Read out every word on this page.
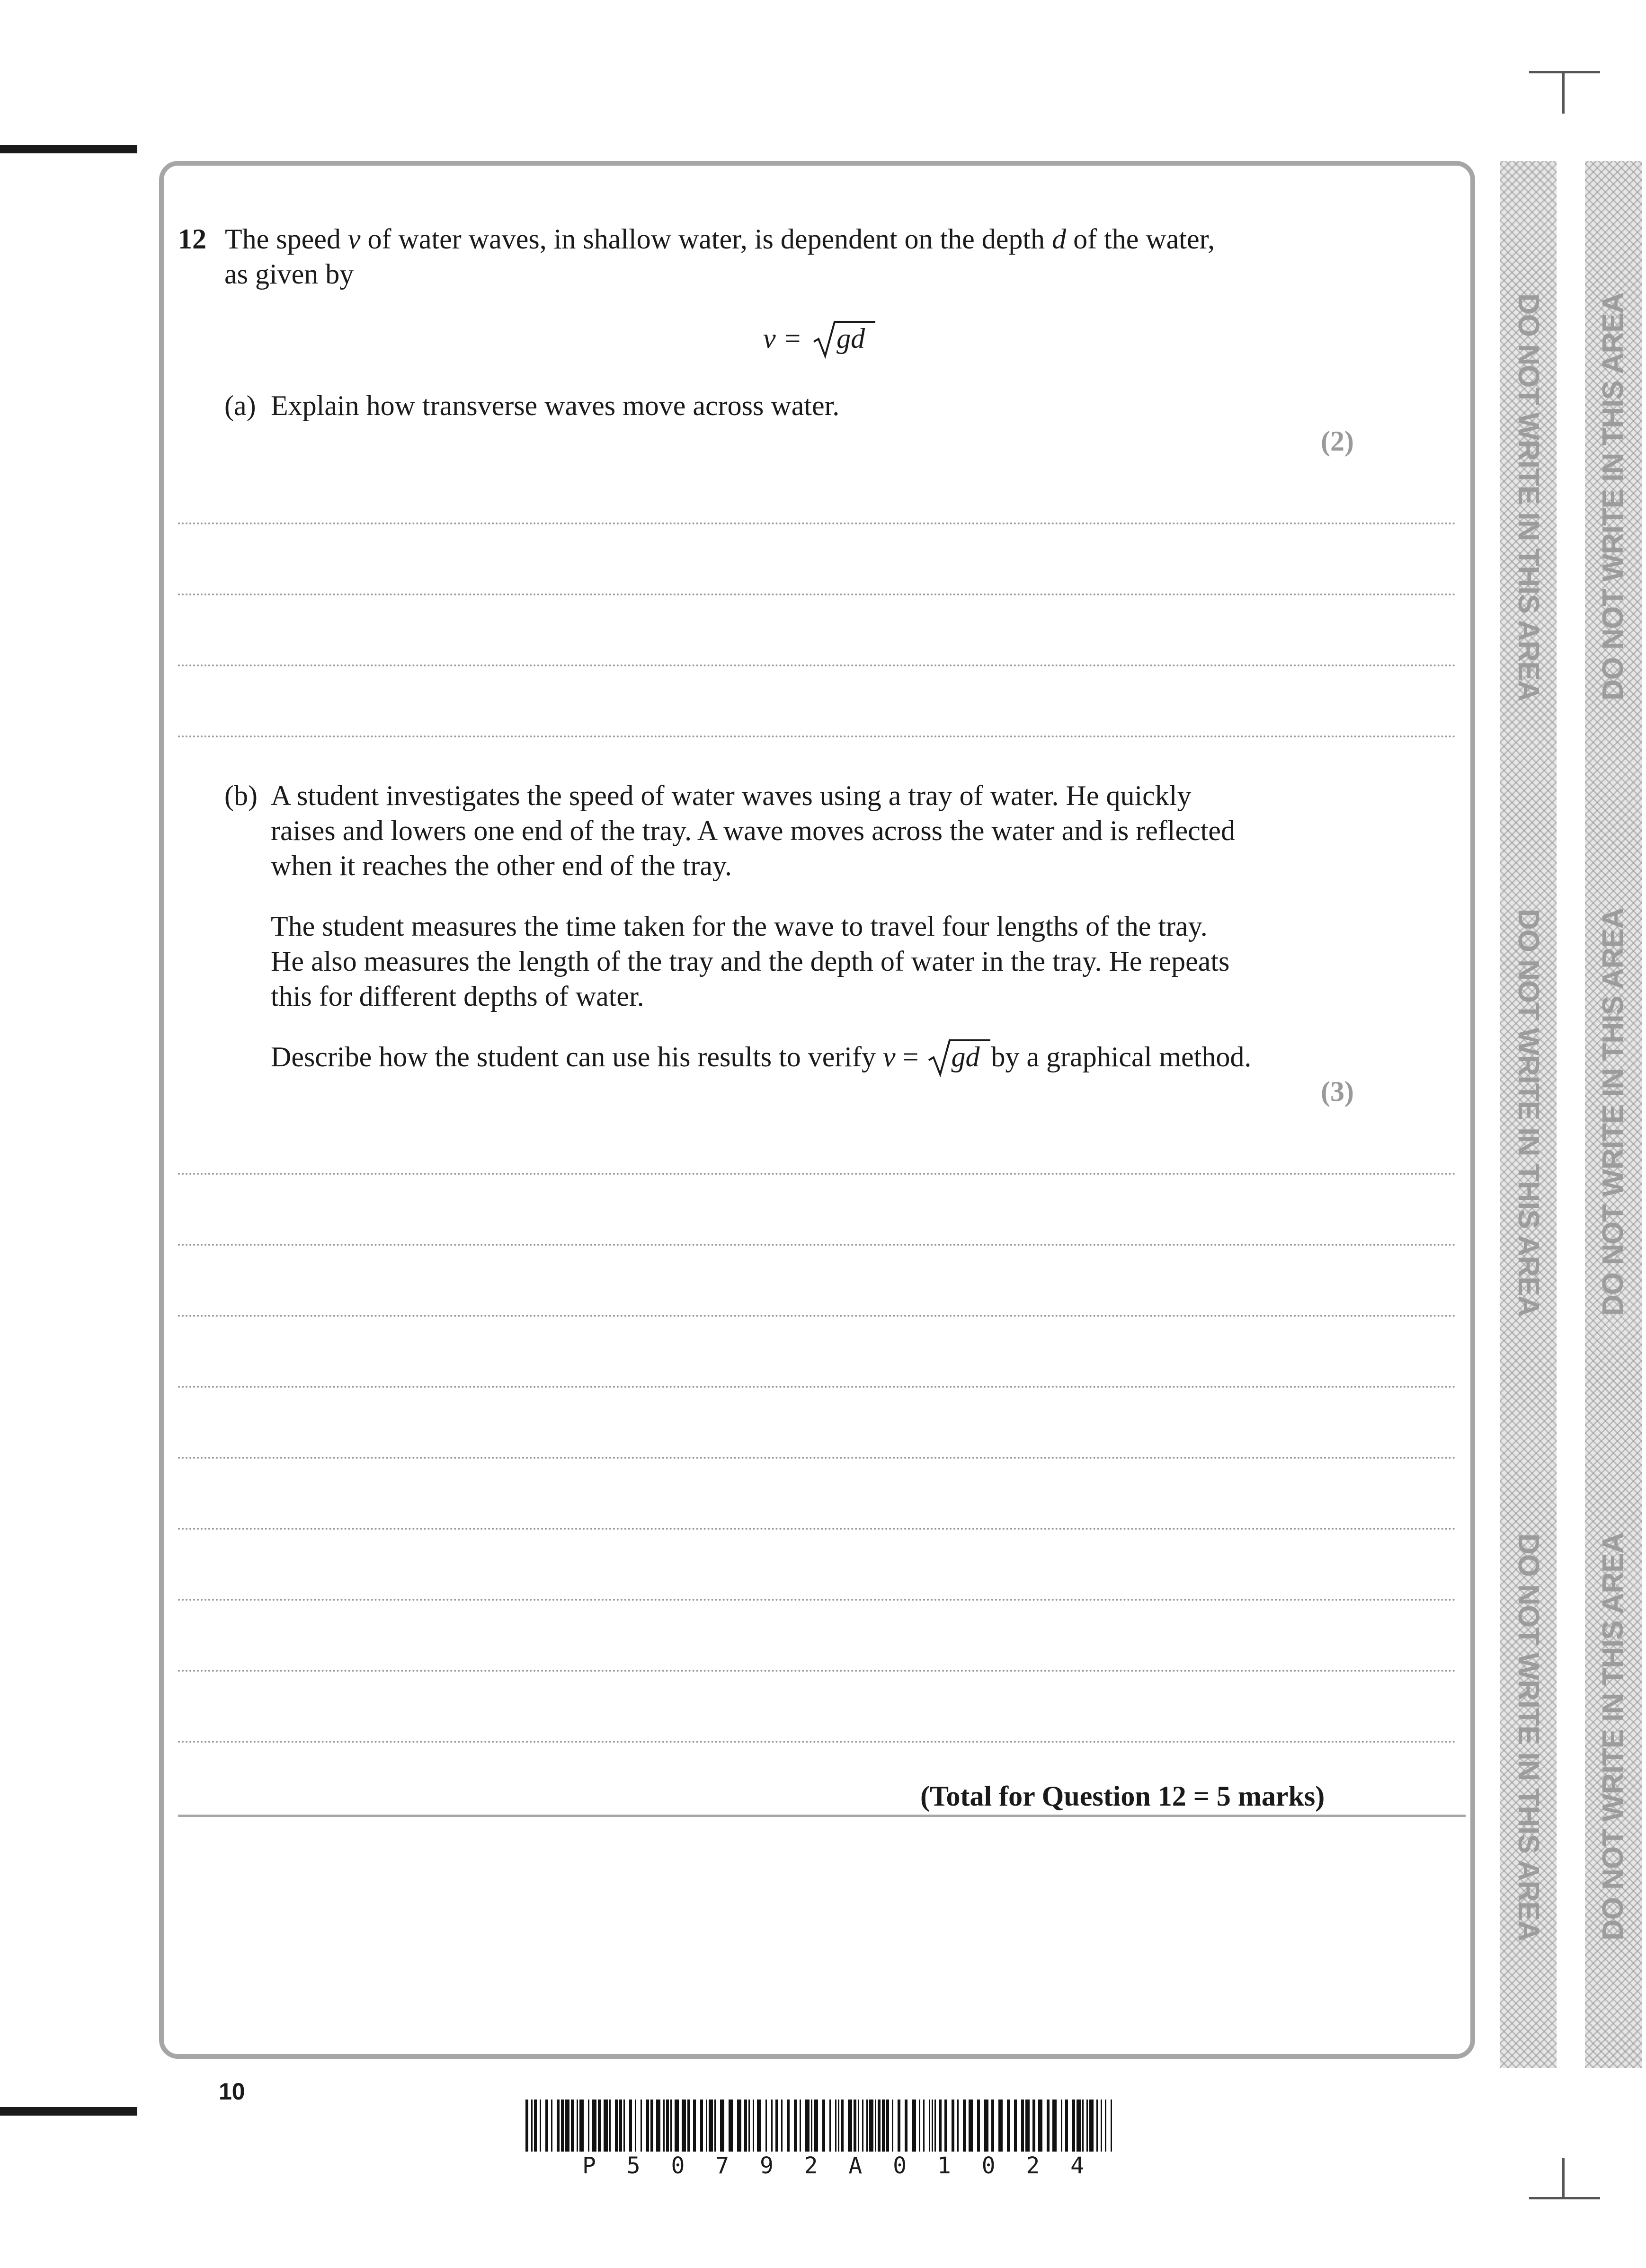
12 The speed v of water waves, in shallow water, is dependent on the depth d of the water,
as given by
v = gd
(a) Explain how transverse waves move across water.
(2)
(b) A student investigates the speed of water waves using a tray of water. He quickly
raises and lowers one end of the tray. A wave moves across the water and is reflected
when it reaches the other end of the tray.
The student measures the time taken for the wave to travel four lengths of the tray.
He also measures the length of the tray and the depth of water in the tray. He repeats
this for different depths of water.
Describe how the student can use his results to verify v = gd by a graphical method.
(3)
(Total for Question 12 = 5 marks)
DO NOT WRITE IN THIS AREA
DO NOT WRITE IN THIS AREA
DO NOT WRITE IN THIS AREA
DO NOT WRITE IN THIS AREA
DO NOT WRITE IN THIS AREA
DO NOT WRITE IN THIS AREA
10
P 5 0 7 9 2 A 0 1 0 2 4
